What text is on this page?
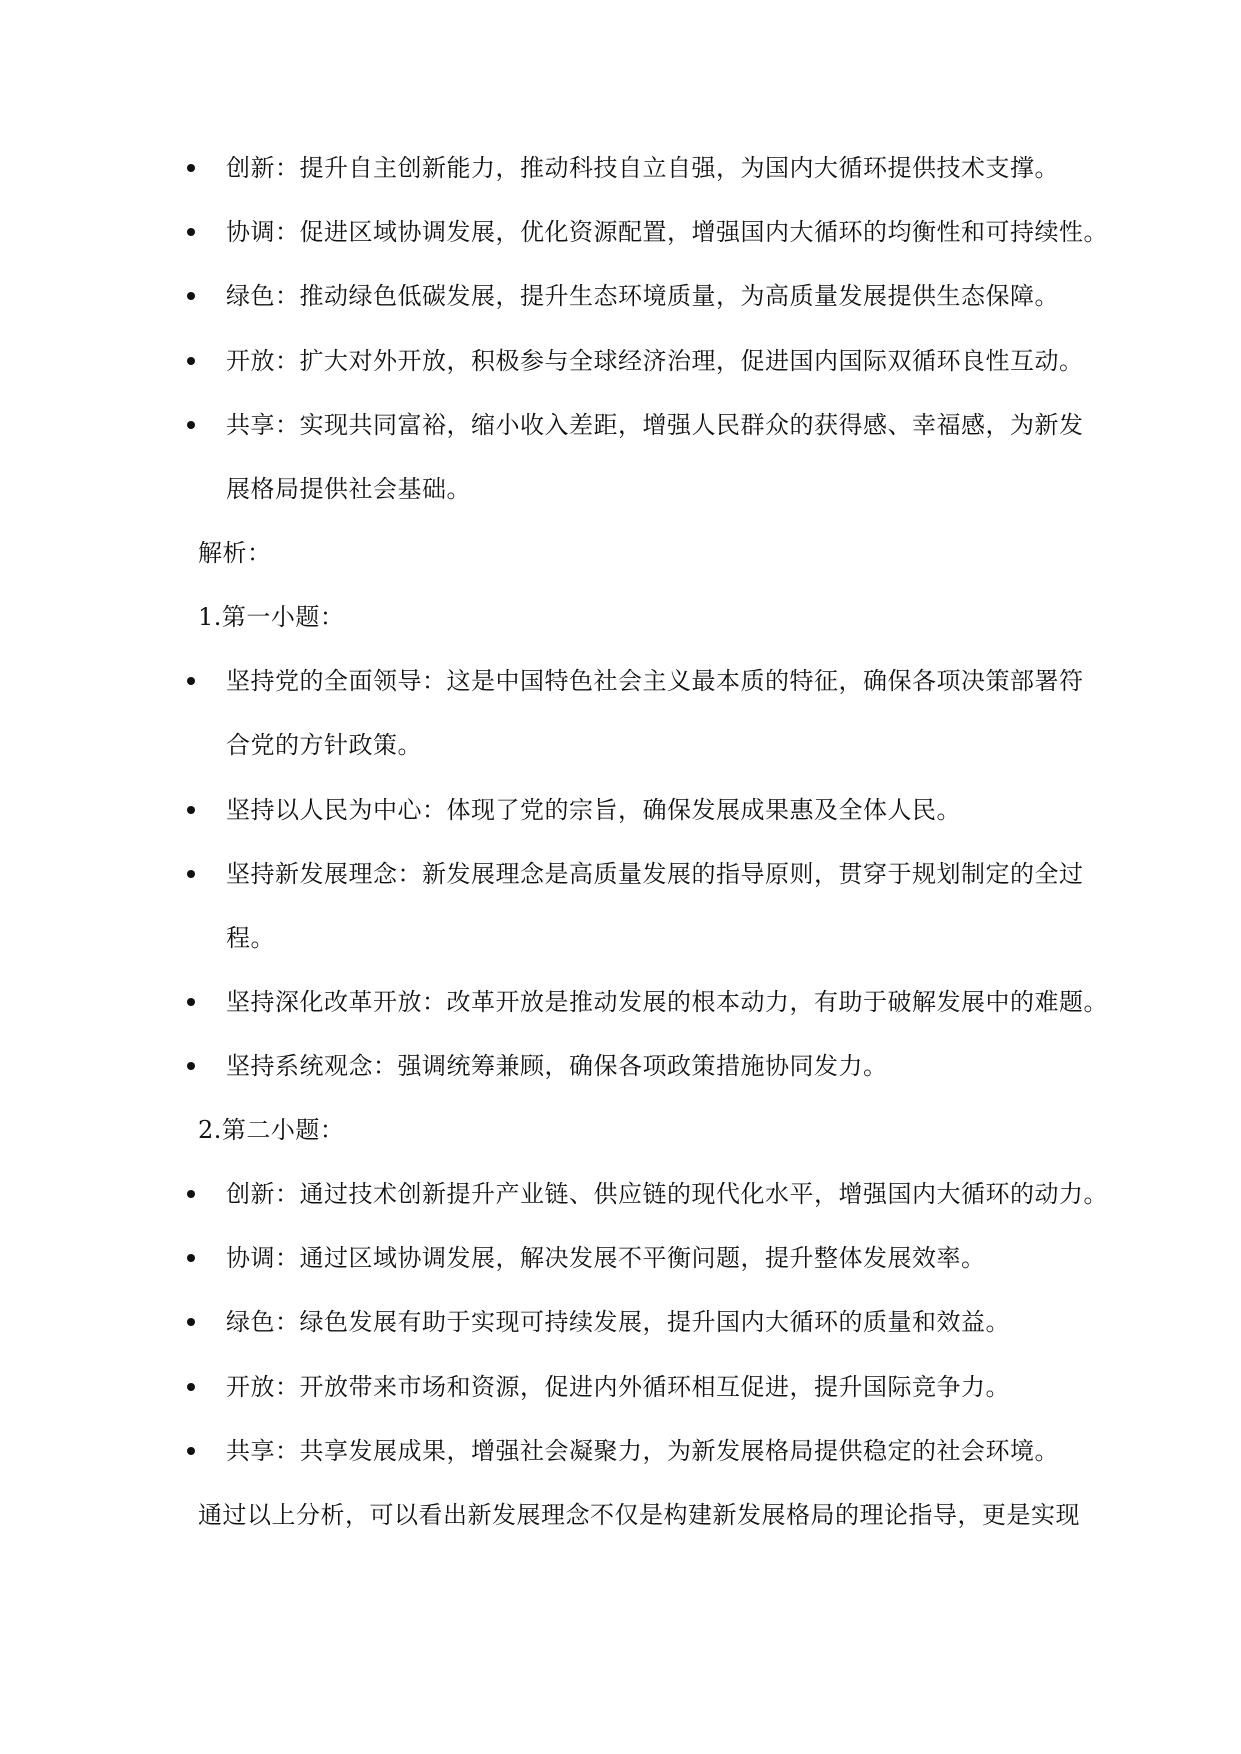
创新：提升自主创新能力，推动科技自立自强，为国内大循环提供技术支撑。
协调：促进区域协调发展，优化资源配置，增强国内大循环的均衡性和可持续性。
绿色：推动绿色低碳发展，提升生态环境质量，为高质量发展提供生态保障。
开放：扩大对外开放，积极参与全球经济治理，促进国内国际双循环良性互动。
共享：实现共同富裕，缩小收入差距，增强人民群众的获得感、幸福感，为新发
展格局提供社会基础。
解析：
1.第一小题：
坚持党的全面领导：这是中国特色社会主义最本质的特征，确保各项决策部署符
合党的方针政策。
坚持以人民为中心：体现了党的宗旨，确保发展成果惠及全体人民。
坚持新发展理念：新发展理念是高质量发展的指导原则，贯穿于规划制定的全过
程。
坚持深化改革开放：改革开放是推动发展的根本动力，有助于破解发展中的难题。
坚持系统观念：强调统筹兼顾，确保各项政策措施协同发力。
2.第二小题：
创新：通过技术创新提升产业链、供应链的现代化水平，增强国内大循环的动力。
协调：通过区域协调发展，解决发展不平衡问题，提升整体发展效率。
绿色：绿色发展有助于实现可持续发展，提升国内大循环的质量和效益。
开放：开放带来市场和资源，促进内外循环相互促进，提升国际竞争力。
共享：共享发展成果，增强社会凝聚力，为新发展格局提供稳定的社会环境。
通过以上分析，可以看出新发展理念不仅是构建新发展格局的理论指导，更是实现
